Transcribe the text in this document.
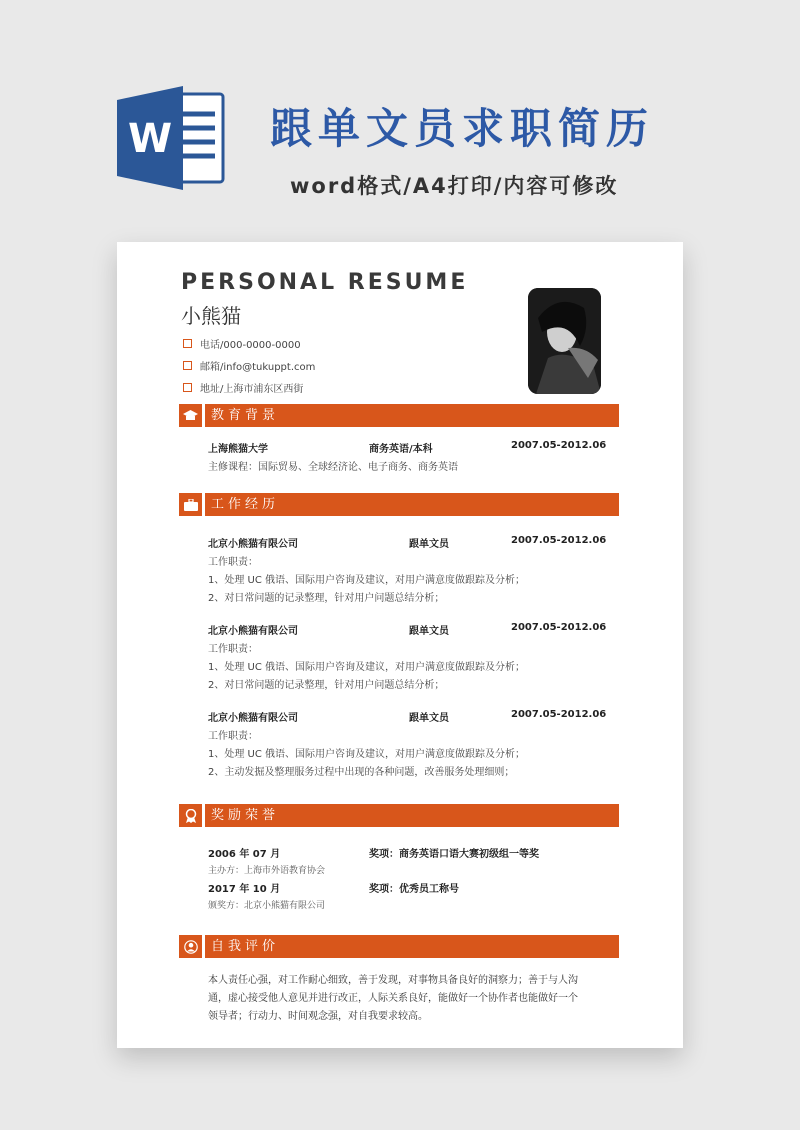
W 跟单文员求职简历
word格式/A4打印/内容可修改
PERSONAL RESUME
小熊猫
电话/000-0000-0000
邮箱/info@tukuppt.com
地址/上海市浦东区西街
教育背景
上海熊猫大学	商务英语/本科	2007.05-2012.06
主修课程：国际贸易、全球经济论、电子商务、商务英语
工作经历
北京小熊猫有限公司	跟单文员	2007.05-2012.06
工作职责：
1、处理 UC 俄语、国际用户咨询及建议，对用户满意度做跟踪及分析；
2、对日常问题的记录整理，针对用户问题总结分析；
北京小熊猫有限公司	跟单文员	2007.05-2012.06
工作职责：
1、处理 UC 俄语、国际用户咨询及建议，对用户满意度做跟踪及分析；
2、对日常问题的记录整理，针对用户问题总结分析；
北京小熊猫有限公司	跟单文员	2007.05-2012.06
工作职责：
1、处理 UC 俄语、国际用户咨询及建议，对用户满意度做跟踪及分析；
2、主动发掘及整理服务过程中出现的各种问题，改善服务处理细则；
奖励荣誉
2006 年 07 月	奖项：商务英语口语大赛初级组一等奖
主办方：上海市外语教育协会
2017 年 10 月	奖项：优秀员工称号
颁奖方：北京小熊猫有限公司
自我评价
本人责任心强，对工作耐心细致，善于发现，对事物具备良好的洞察力；善于与人沟
通，虚心接受他人意见并进行改正，人际关系良好，能做好一个协作者也能做好一个
领导者；行动力、时间观念强，对自我要求较高。
